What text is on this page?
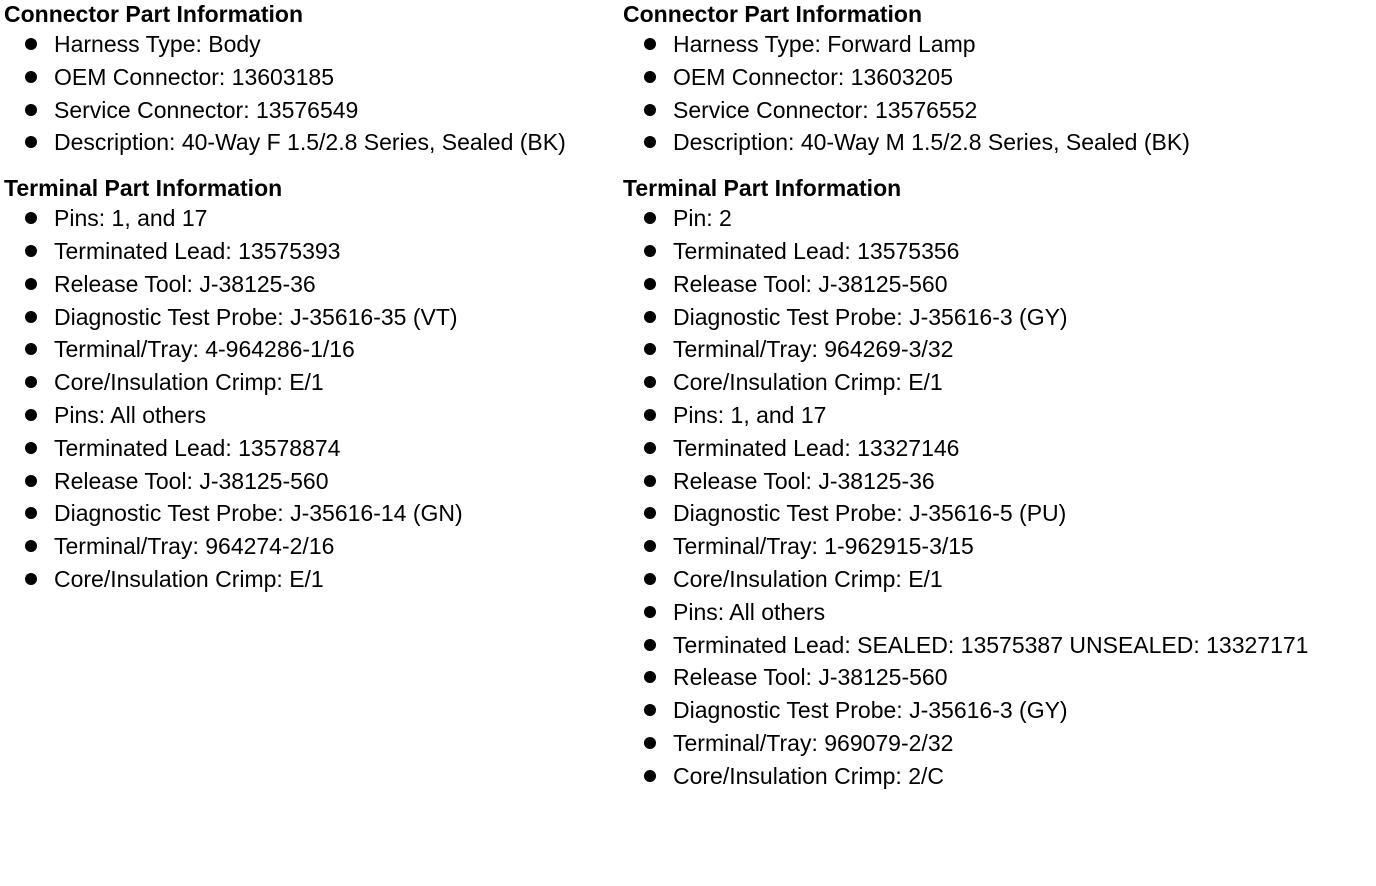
Connector Part Information
Harness Type: Body
OEM Connector: 13603185
Service Connector: 13576549
Description: 40-Way F 1.5/2.8 Series, Sealed (BK)
Terminal Part Information
Pins: 1, and 17
Terminated Lead: 13575393
Release Tool: J-38125-36
Diagnostic Test Probe: J-35616-35 (VT)
Terminal/Tray: 4-964286-1/16
Core/Insulation Crimp: E/1
Pins: All others
Terminated Lead: 13578874
Release Tool: J-38125-560
Diagnostic Test Probe: J-35616-14 (GN)
Terminal/Tray: 964274-2/16
Core/Insulation Crimp: E/1
Connector Part Information
Harness Type: Forward Lamp
OEM Connector: 13603205
Service Connector: 13576552
Description: 40-Way M 1.5/2.8 Series, Sealed (BK)
Terminal Part Information
Pin: 2
Terminated Lead: 13575356
Release Tool: J-38125-560
Diagnostic Test Probe: J-35616-3 (GY)
Terminal/Tray: 964269-3/32
Core/Insulation Crimp: E/1
Pins: 1, and 17
Terminated Lead: 13327146
Release Tool: J-38125-36
Diagnostic Test Probe: J-35616-5 (PU)
Terminal/Tray: 1-962915-3/15
Core/Insulation Crimp: E/1
Pins: All others
Terminated Lead: SEALED: 13575387 UNSEALED: 13327171
Release Tool: J-38125-560
Diagnostic Test Probe: J-35616-3 (GY)
Terminal/Tray: 969079-2/32
Core/Insulation Crimp: 2/C
